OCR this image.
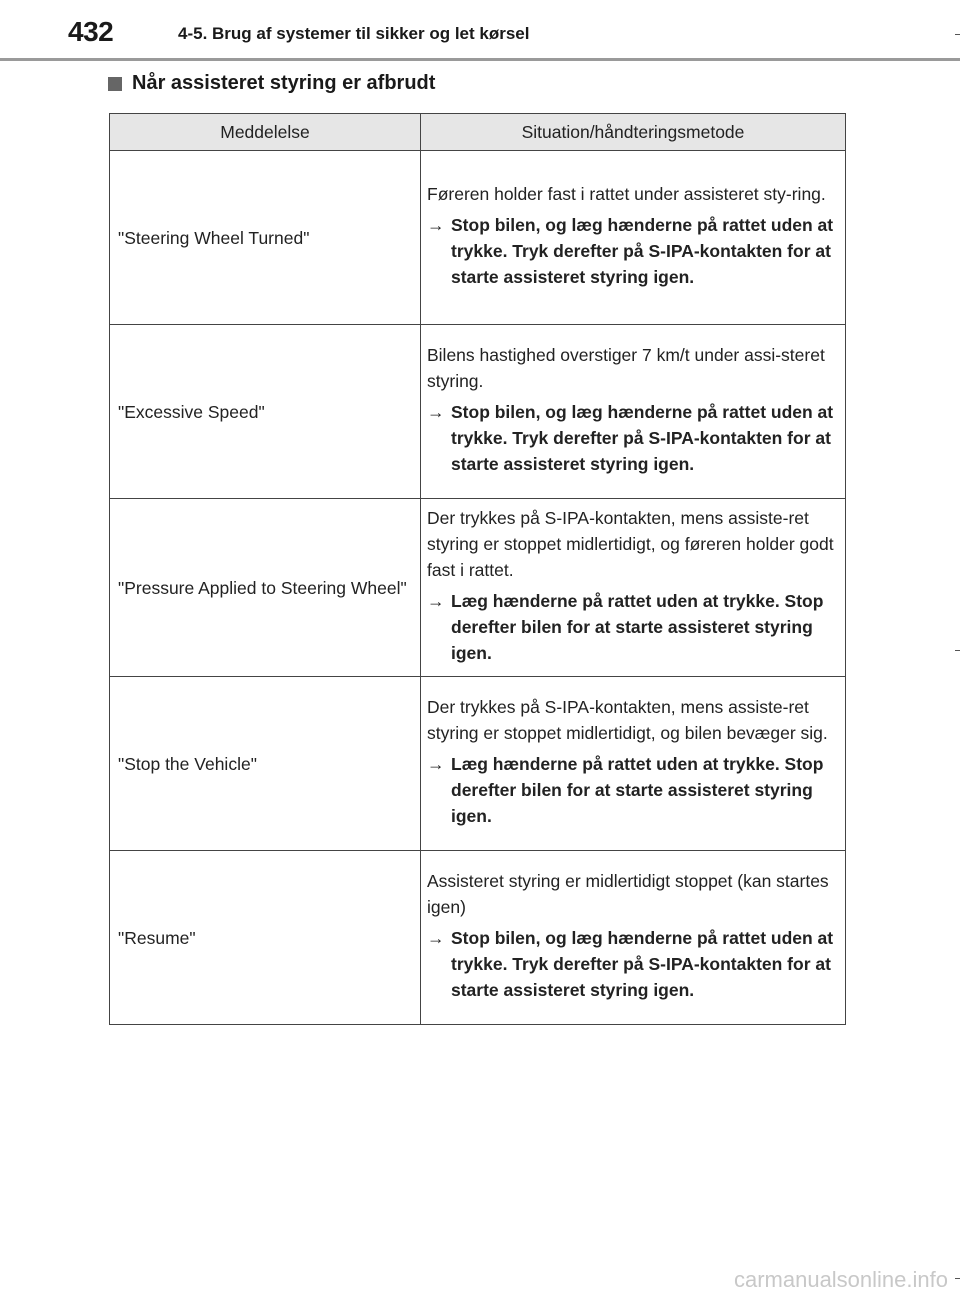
432	4-5. Brug af systemer til sikker og let kørsel
Når assisteret styring er afbrudt
Meddelelse	Situation/håndteringsmetode
"Steering Wheel Turned"	Føreren holder fast i rattet under assisteret sty-ring.

→ Stop bilen, og læg hænderne på rattet uden at trykke. Tryk derefter på S-IPA-kontakten for at starte assisteret styring igen.

"Excessive Speed"	Bilens hastighed overstiger 7 km/t under assi-steret styring.

→ Stop bilen, og læg hænderne på rattet uden at trykke. Tryk derefter på S-IPA-kontakten for at starte assisteret styring igen.

"Pressure Applied to Steering Wheel"	Der trykkes på S-IPA-kontakten, mens assiste-ret styring er stoppet midlertidigt, og føreren holder godt fast i rattet.

→ Læg hænderne på rattet uden at trykke. Stop derefter bilen for at starte assisteret styring igen.

"Stop the Vehicle"	Der trykkes på S-IPA-kontakten, mens assiste-ret styring er stoppet midlertidigt, og bilen bevæger sig.

→ Læg hænderne på rattet uden at trykke. Stop derefter bilen for at starte assisteret styring igen.

"Resume"	Assisteret styring er midlertidigt stoppet (kan startes igen)

→ Stop bilen, og læg hænderne på rattet uden at trykke. Tryk derefter på S-IPA-kontakten for at starte assisteret styring igen.
carmanualsonline.info
